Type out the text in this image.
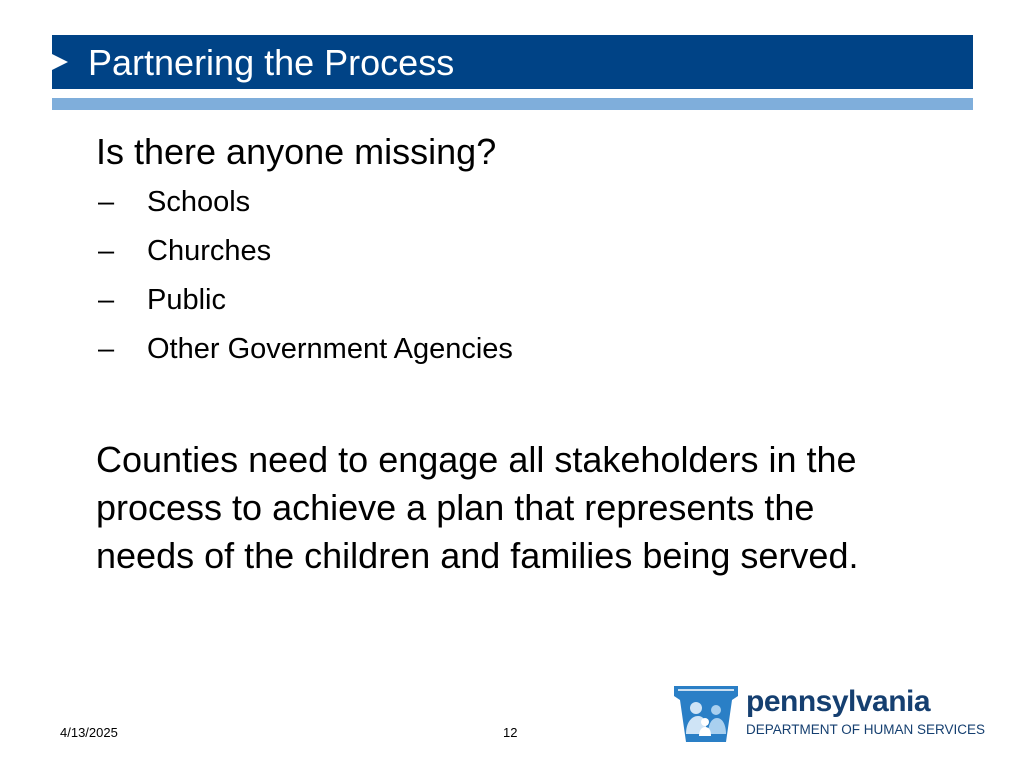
Partnering the Process
Is there anyone missing?
– Schools
– Churches
– Public
– Other Government Agencies

Counties need to engage all stakeholders in the process to achieve a plan that represents the needs of the children and families being served.

4/13/2025	12
pennsylvania
DEPARTMENT OF HUMAN SERVICES
